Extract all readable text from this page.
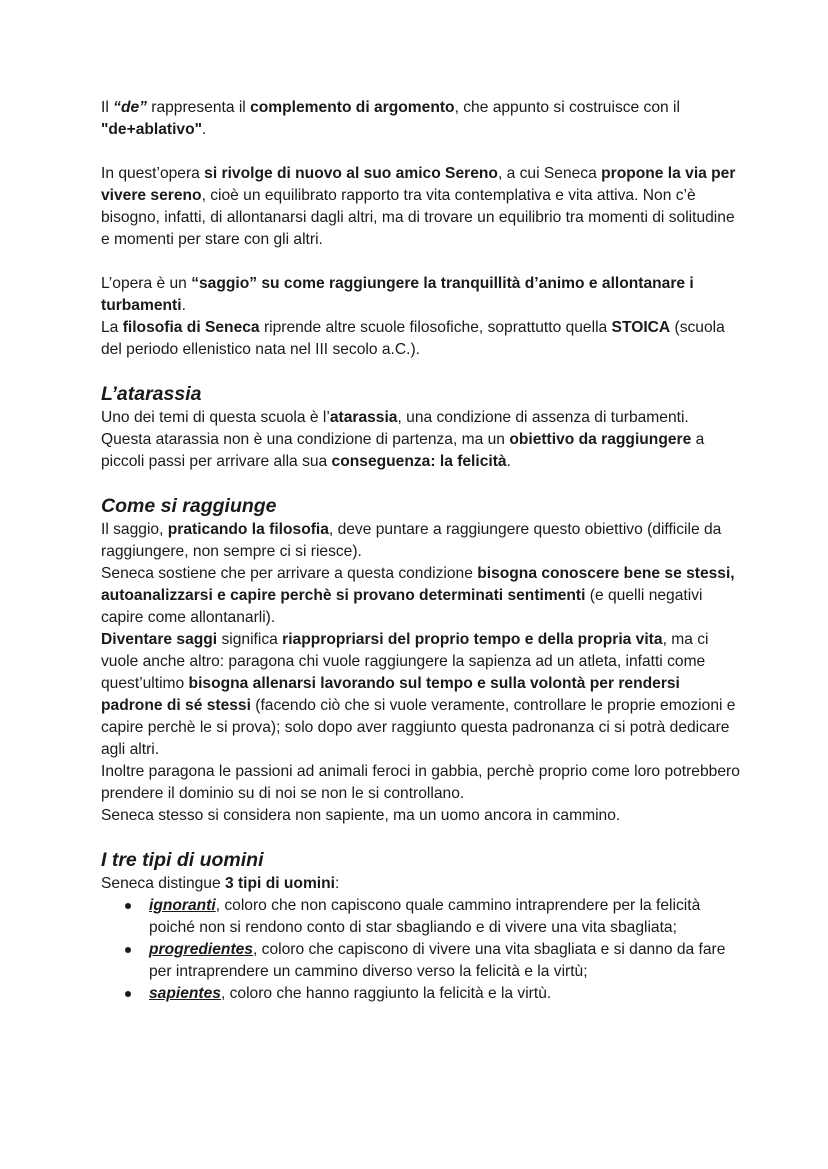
Il “de” rappresenta il complemento di argomento, che appunto si costruisce con il "de+ablativo".

In quest’opera si rivolge di nuovo al suo amico Sereno, a cui Seneca propone la via per vivere sereno, cioè un equilibrato rapporto tra vita contemplativa e vita attiva. Non c’è bisogno, infatti, di allontanarsi dagli altri, ma di trovare un equilibrio tra momenti di solitudine e momenti per stare con gli altri.

L’opera è un “saggio” su come raggiungere la tranquillità d’animo e allontanare i turbamenti.

La filosofia di Seneca riprende altre scuole filosofiche, soprattutto quella STOICA (scuola del periodo ellenistico nata nel III secolo a.C.).

L’atarassia

Uno dei temi di questa scuola è l’atarassia, una condizione di assenza di turbamenti. Questa atarassia non è una condizione di partenza, ma un obiettivo da raggiungere a piccoli passi per arrivare alla sua conseguenza: la felicità.

Come si raggiunge

Il saggio, praticando la filosofia, deve puntare a raggiungere questo obiettivo (difficile da raggiungere, non sempre ci si riesce).

Seneca sostiene che per arrivare a questa condizione bisogna conoscere bene se stessi, autoanalizzarsi e capire perchè si provano determinati sentimenti (e quelli negativi capire come allontanarli).

Diventare saggi significa riappropriarsi del proprio tempo e della propria vita, ma ci vuole anche altro: paragona chi vuole raggiungere la sapienza ad un atleta, infatti come quest’ultimo bisogna allenarsi lavorando sul tempo e sulla volontà per rendersi padrone di sé stessi (facendo ciò che si vuole veramente, controllare le proprie emozioni e capire perchè le si prova); solo dopo aver raggiunto questa padronanza ci si potrà dedicare agli altri.

Inoltre paragona le passioni ad animali feroci in gabbia, perchè proprio come loro potrebbero prendere il dominio su di noi se non le si controllano.

Seneca stesso si considera non sapiente, ma un uomo ancora in cammino.

I tre tipi di uomini

Seneca distingue 3 tipi di uomini:

ignoranti, coloro che non capiscono quale cammino intraprendere per la felicità poiché non si rendono conto di star sbagliando e di vivere una vita sbagliata;
progredientes, coloro che capiscono di vivere una vita sbagliata e si danno da fare per intraprendere un cammino diverso verso la felicità e la virtù;
sapientes, coloro che hanno raggiunto la felicità e la virtù.
